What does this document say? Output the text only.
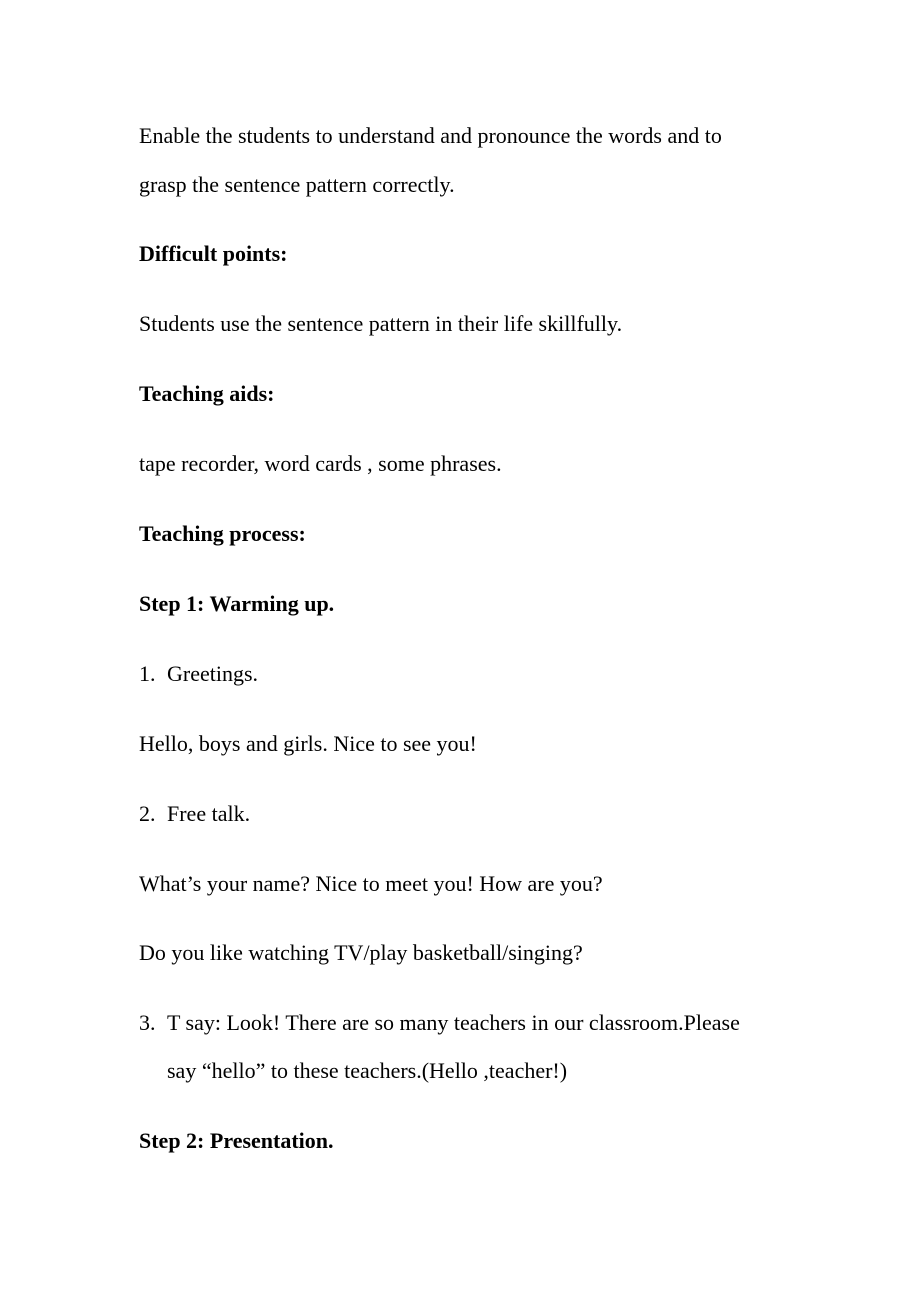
Enable the students to understand and pronounce the words and to
grasp the sentence pattern correctly.
Difficult points:
Students use the sentence pattern in their life skillfully.
Teaching aids:
tape recorder, word cards , some phrases.
Teaching process:
Step 1: Warming up.
1. Greetings.
Hello, boys and girls. Nice to see you!
2. Free talk.
What’s your name? Nice to meet you! How are you?
Do you like watching TV/play basketball/singing?
3. T say: Look! There are so many teachers in our classroom.Please
say “hello” to these teachers.(Hello ,teacher!)
Step 2: Presentation.
